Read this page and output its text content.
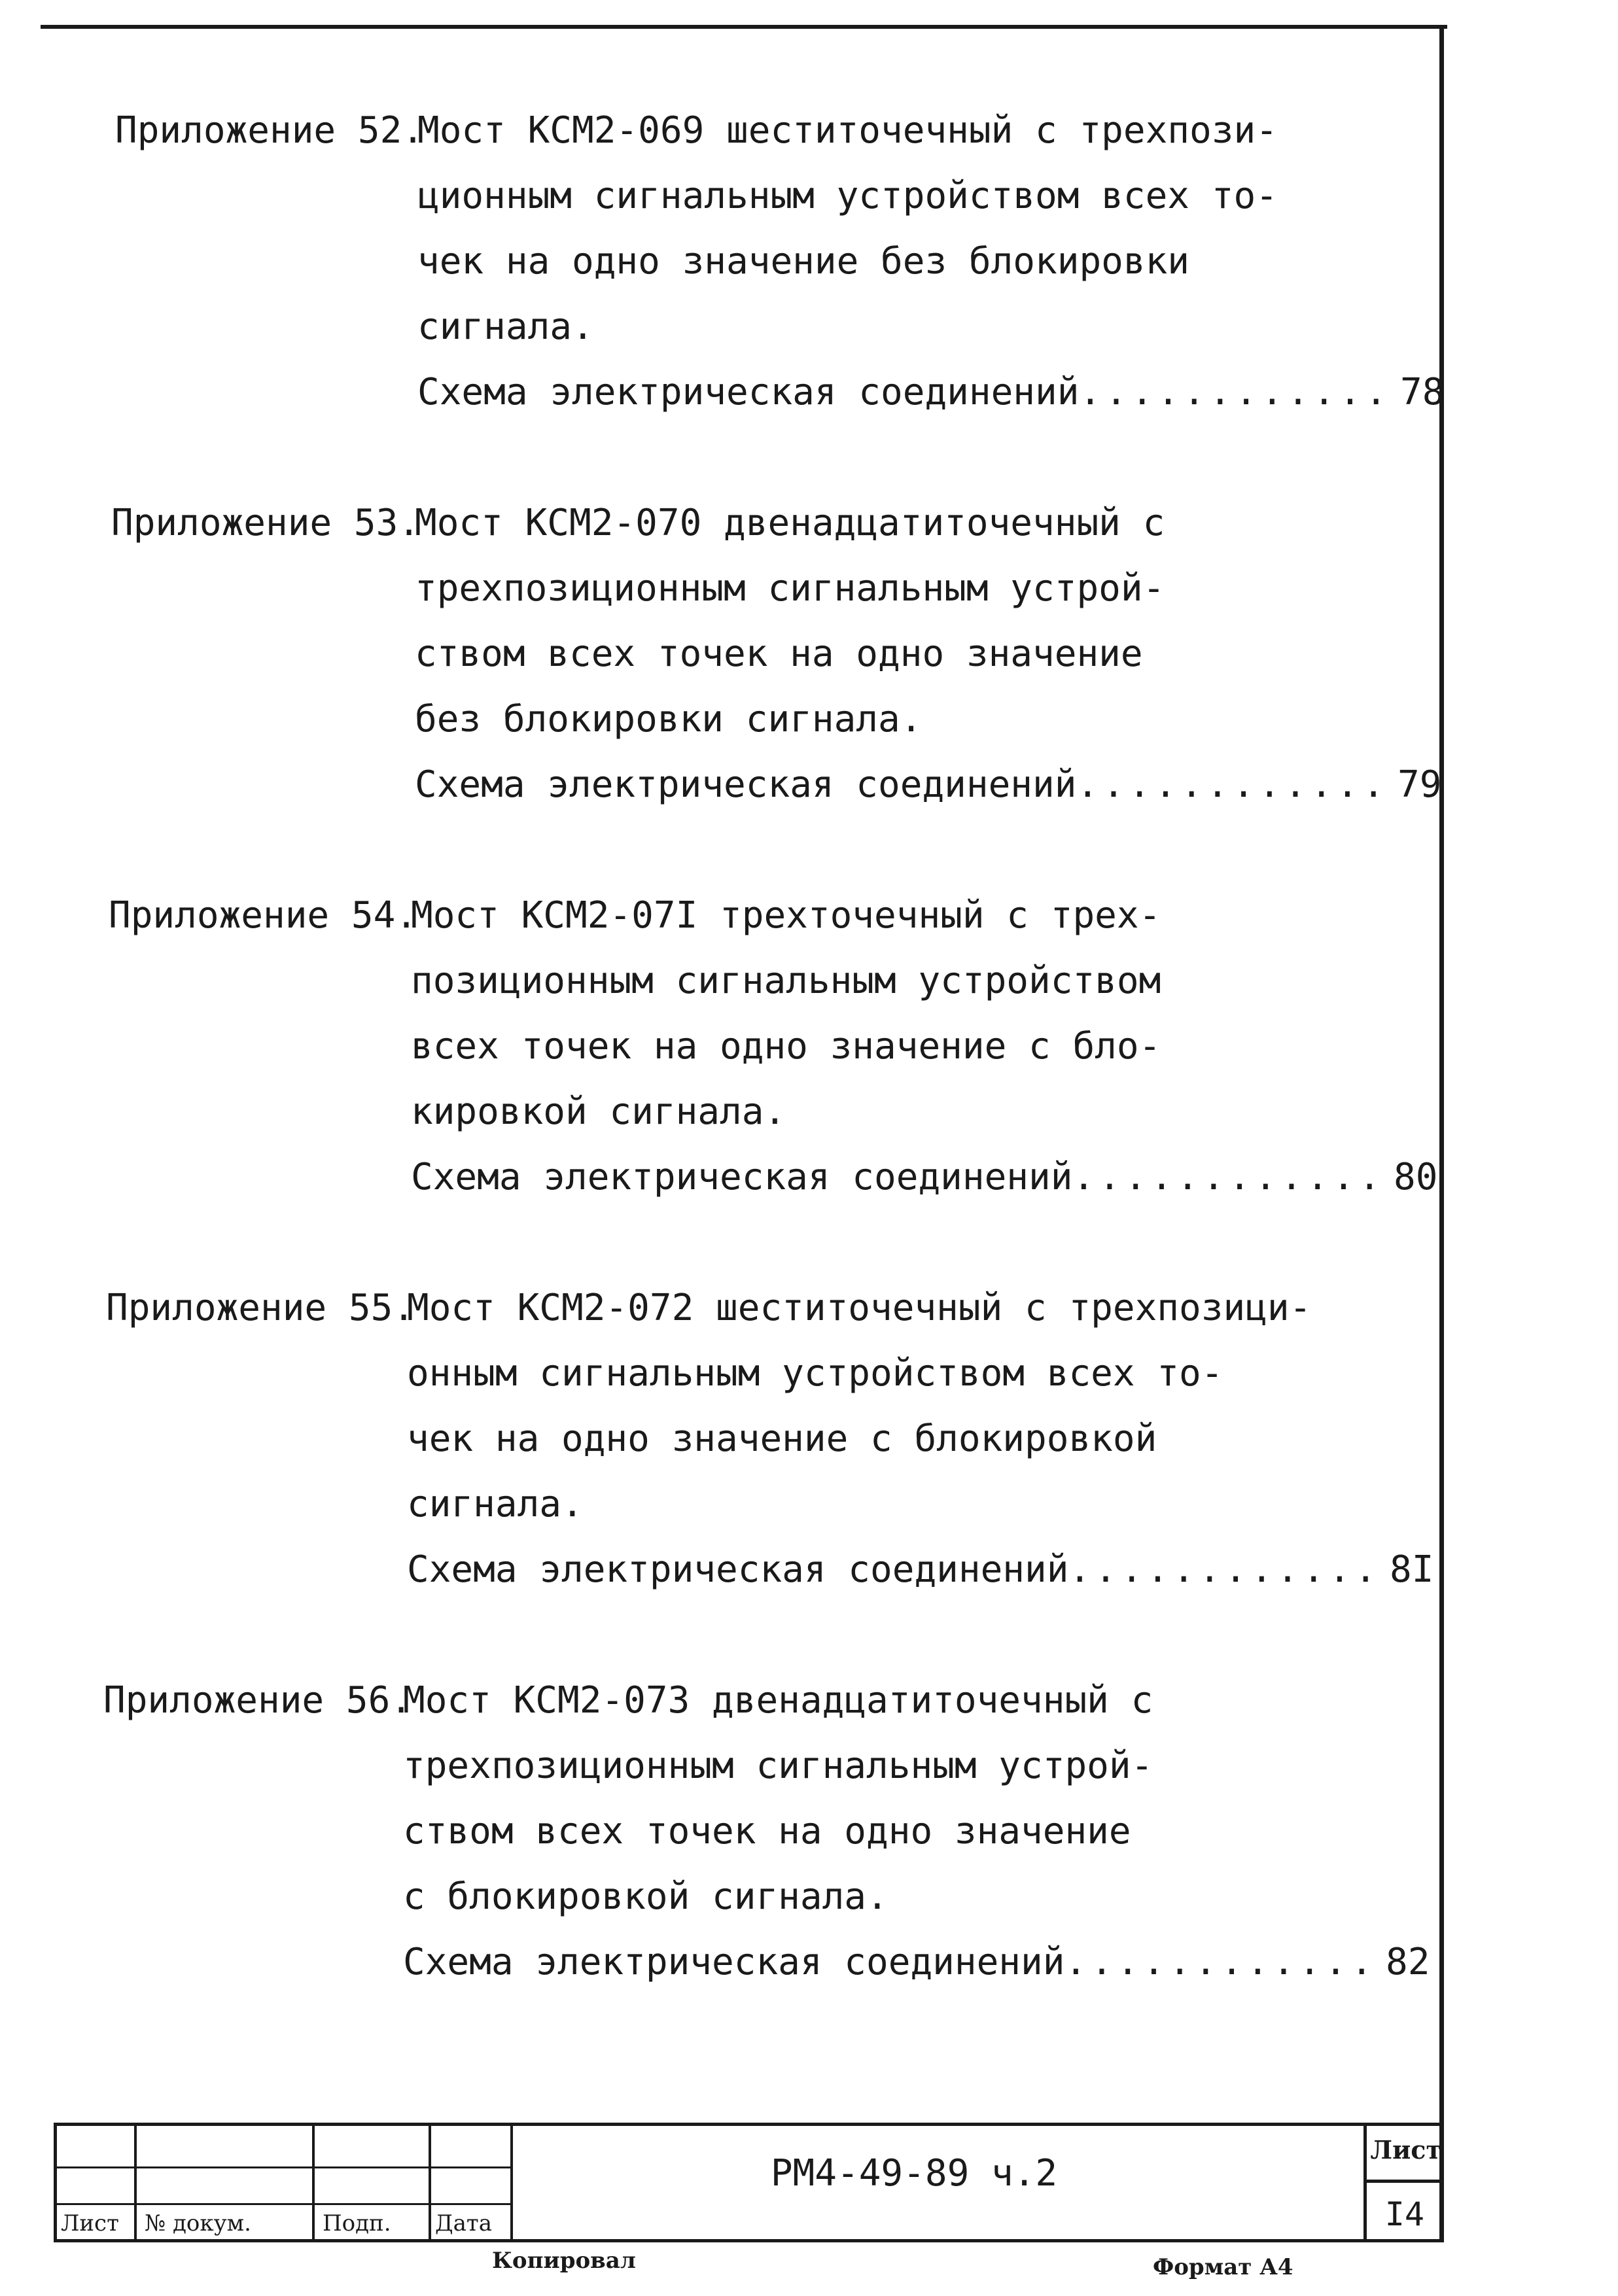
Приложение 52.
Мост КСМ2-069 шеститочечный с трехпози-
ционным сигнальным устройством всех то-
чек на одно значение без блокировки
сигнала.
Схема электрическая соединений ............ 78
Приложение 53.
Мост КСМ2-070 двенадцатиточечный с
трехпозиционным сигнальным устрой-
ством всех точек на одно значение
без блокировки сигнала.
Схема электрическая соединений ............ 79
Приложение 54.
Мост КСМ2-07I трехточечный с трех-
позиционным сигнальным устройством
всех точек на одно значение с бло-
кировкой сигнала.
Схема электрическая соединений ............ 80
Приложение 55.
Мост КСМ2-072 шеститочечный с трехпозици-
онным сигнальным устройством всех то-
чек на одно значение с блокировкой
сигнала.
Схема электрическая соединений ............ 8I
Приложение 56.
Мост КСМ2-073 двенадцатиточечный с
трехпозиционным сигнальным устрой-
ством всех точек на одно значение
с блокировкой сигнала.
Схема электрическая соединений ............ 82
Лист № докум.	Подп. Дата
РМ4-49-89 ч.2
Лист
I4
Копировал	Формат А4
